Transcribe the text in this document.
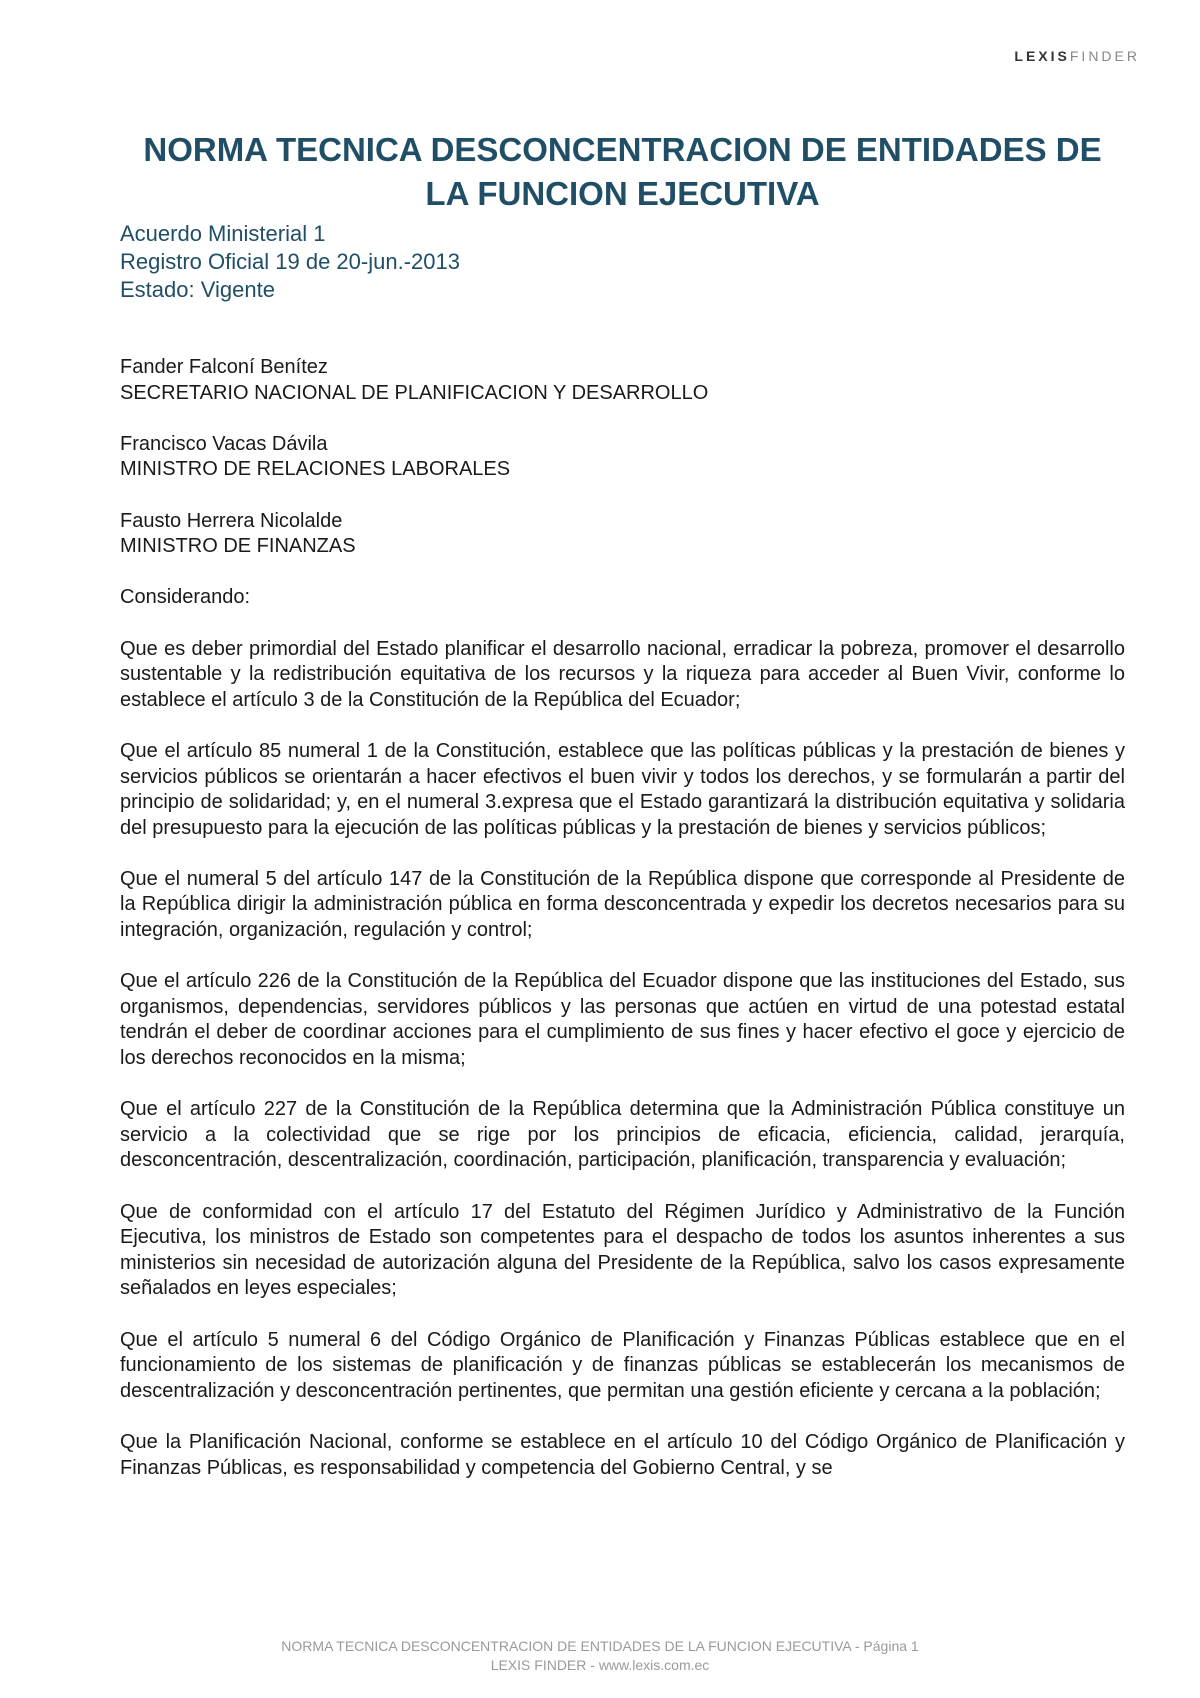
LEXISFINDER
NORMA TECNICA DESCONCENTRACION DE ENTIDADES DE LA FUNCION EJECUTIVA
Acuerdo Ministerial 1
Registro Oficial 19 de 20-jun.-2013
Estado: Vigente
Fander Falconí Benítez
SECRETARIO NACIONAL DE PLANIFICACION Y DESARROLLO
Francisco Vacas Dávila
MINISTRO DE RELACIONES LABORALES
Fausto Herrera Nicolalde
MINISTRO DE FINANZAS

Considerando:

Que es deber primordial del Estado planificar el desarrollo nacional, erradicar la pobreza, promover el desarrollo sustentable y la redistribución equitativa de los recursos y la riqueza para acceder al Buen Vivir, conforme lo establece el artículo 3 de la Constitución de la República del Ecuador;

Que el artículo 85 numeral 1 de la Constitución, establece que las políticas públicas y la prestación de bienes y servicios públicos se orientarán a hacer efectivos el buen vivir y todos los derechos, y se formularán a partir del principio de solidaridad; y, en el numeral 3.expresa que el Estado garantizará la distribución equitativa y solidaria del presupuesto para la ejecución de las políticas públicas y la prestación de bienes y servicios públicos;

Que el numeral 5 del artículo 147 de la Constitución de la República dispone que corresponde al Presidente de la República dirigir la administración pública en forma desconcentrada y expedir los decretos necesarios para su integración, organización, regulación y control;

Que el artículo 226 de la Constitución de la República del Ecuador dispone que las instituciones del Estado, sus organismos, dependencias, servidores públicos y las personas que actúen en virtud de una potestad estatal tendrán el deber de coordinar acciones para el cumplimiento de sus fines y hacer efectivo el goce y ejercicio de los derechos reconocidos en la misma;

Que el artículo 227 de la Constitución de la República determina que la Administración Pública constituye un servicio a la colectividad que se rige por los principios de eficacia, eficiencia, calidad, jerarquía, desconcentración, descentralización, coordinación, participación, planificación, transparencia y evaluación;

Que de conformidad con el artículo 17 del Estatuto del Régimen Jurídico y Administrativo de la Función Ejecutiva, los ministros de Estado son competentes para el despacho de todos los asuntos inherentes a sus ministerios sin necesidad de autorización alguna del Presidente de la República, salvo los casos expresamente señalados en leyes especiales;

Que el artículo 5 numeral 6 del Código Orgánico de Planificación y Finanzas Públicas establece que en el funcionamiento de los sistemas de planificación y de finanzas públicas se establecerán los mecanismos de descentralización y desconcentración pertinentes, que permitan una gestión eficiente y cercana a la población;

Que la Planificación Nacional, conforme se establece en el artículo 10 del Código Orgánico de Planificación y Finanzas Públicas, es responsabilidad y competencia del Gobierno Central, y se

NORMA TECNICA DESCONCENTRACION DE ENTIDADES DE LA FUNCION EJECUTIVA - Página 1
LEXIS FINDER - www.lexis.com.ec
